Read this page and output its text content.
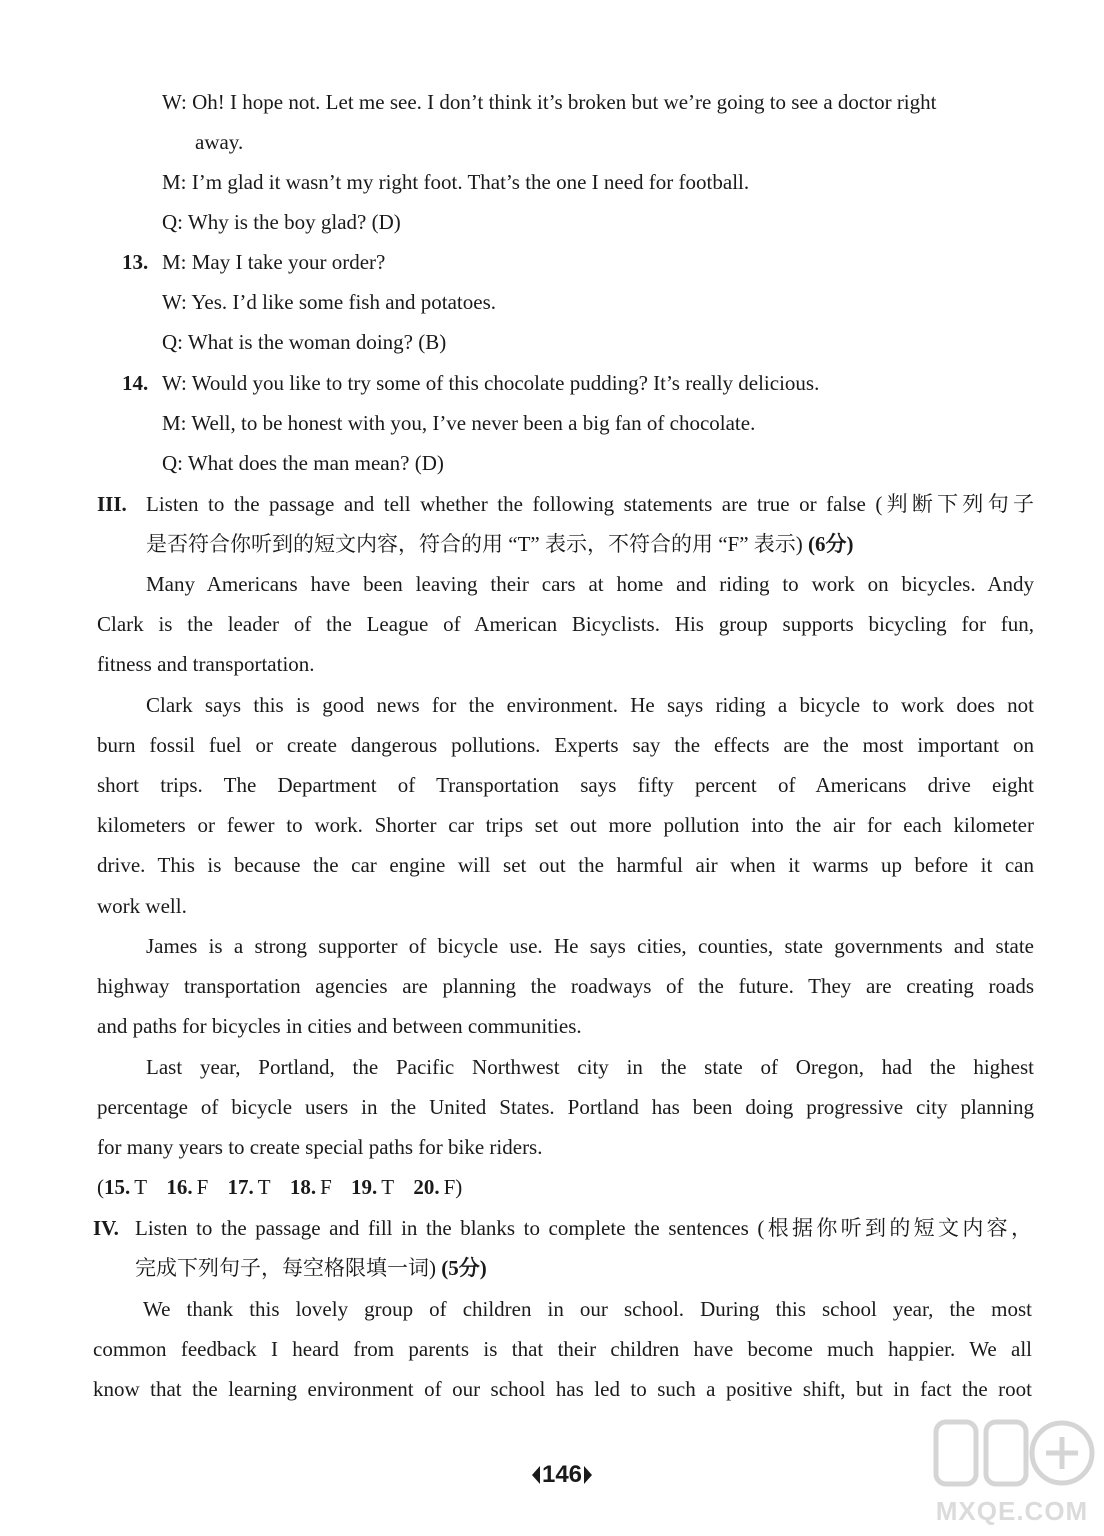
W: Oh! I hope not. Let me see. I don’t think it’s broken but we’re going to see a doctor right
away.
M: I’m glad it wasn’t my right foot. That’s the one I need for football.
Q: Why is the boy glad? (D)
13. M: May I take your order?
W: Yes. I’d like some fish and potatoes.
Q: What is the woman doing? (B)
14. W: Would you like to try some of this chocolate pudding? It’s really delicious.
M: Well, to be honest with you, I’ve never been a big fan of chocolate.
Q: What does the man mean? (D)
III. Listen to the passage and tell whether the following statements are true or false (判断下列句子
是否符合你听到的短文内容，符合的用 “T” 表示，不符合的用 “F” 表示) (6分)
Many Americans have been leaving their cars at home and riding to work on bicycles. Andy
Clark is the leader of the League of American Bicyclists. His group supports bicycling for fun,
fitness and transportation.
Clark says this is good news for the environment. He says riding a bicycle to work does not
burn fossil fuel or create dangerous pollutions. Experts say the effects are the most important on
short trips. The Department of Transportation says fifty percent of Americans drive eight
kilometers or fewer to work. Shorter car trips set out more pollution into the air for each kilometer
drive. This is because the car engine will set out the harmful air when it warms up before it can
work well.
James is a strong supporter of bicycle use. He says cities, counties, state governments and state
highway transportation agencies are planning the roadways of the future. They are creating roads
and paths for bicycles in cities and between communities.
Last year, Portland, the Pacific Northwest city in the state of Oregon, had the highest
percentage of bicycle users in the United States. Portland has been doing progressive city planning
for many years to create special paths for bike riders.
(15. T 16. F 17. T 18. F 19. T 20. F)
IV. Listen to the passage and fill in the blanks to complete the sentences (根据你听到的短文内容，
完成下列句子，每空格限填一词) (5分)
We thank this lovely group of children in our school. During this school year, the most
common feedback I heard from parents is that their children have become much happier. We all
know that the learning environment of our school has led to such a positive shift, but in fact the root
146
MXQE.COM
